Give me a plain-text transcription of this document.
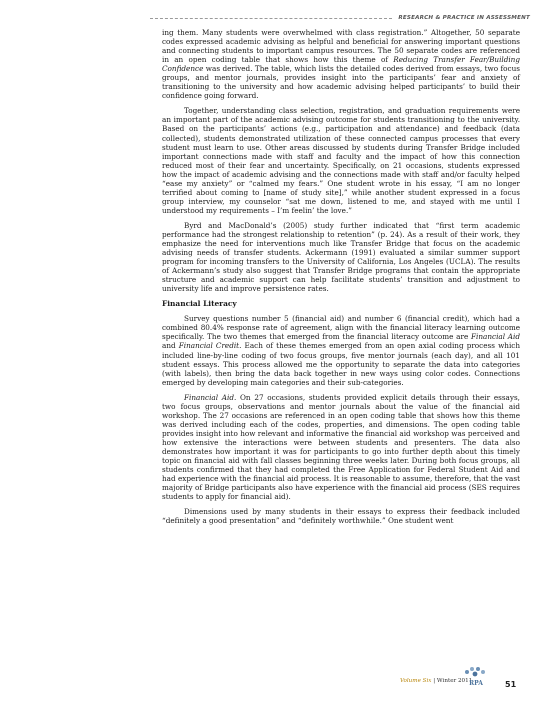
RESEARCH & PRACTICE IN ASSESSMENT

ing them. Many students were overwhelmed with class registration.” Altogether, 50 separate codes expressed academic advising as helpful and beneficial for answering important questions and connecting students to important campus resources. The 50 separate codes are referenced in an open coding table that shows how this theme of Reducing Transfer Fear/Building Confidence was derived. The table, which lists the detailed codes derived from essays, two focus groups, and mentor journals, provides insight into the participants’ fear and anxiety of transitioning to the university and how academic advising helped participants’ to build their confidence going forward.

Together, understanding class selection, registration, and graduation requirements were an important part of the academic advising outcome for students transitioning to the university. Based on the participants’ actions (e.g., participation and attendance) and feedback (data collected), students demonstrated utilization of these connected campus processes that every student must learn to use. Other areas discussed by students during Transfer Bridge included important connections made with staff and faculty and the impact of how this connection reduced most of their fear and uncertainty. Specifically, on 21 occasions, students expressed how the impact of academic advising and the connections made with staff and/or faculty helped “ease my anxiety” or “calmed my fears.” One student wrote in his essay, “I am no longer terrified about coming to [name of study site],” while another student expressed in a focus group interview, my counselor “sat me down, listened to me, and stayed with me until I understood my requirements – I’m feelin’ the love.”

Byrd and MacDonald’s (2005) study further indicated that “first term academic performance had the strongest relationship to retention” (p. 24). As a result of their work, they emphasize the need for interventions much like Transfer Bridge that focus on the academic advising needs of transfer students. Ackermann (1991) evaluated a similar summer support program for incoming transfers to the University of California, Los Angeles (UCLA). The results of Ackermann’s study also suggest that Transfer Bridge programs that contain the appropriate structure and academic support can help facilitate students’ transition and adjustment to university life and improve persistence rates.

Financial Literacy

Survey questions number 5 (financial aid) and number 6 (financial credit), which had a combined 80.4% response rate of agreement, align with the financial literacy learning outcome specifically. The two themes that emerged from the financial literacy outcome are Financial Aid and Financial Credit. Each of these themes emerged from an open axial coding process which included line-by-line coding of two focus groups, five mentor journals (each day), and all 101 student essays. This process allowed me the opportunity to separate the data into categories (with labels), then bring the data back together in new ways using color codes. Connections emerged by developing main categories and their sub-categories.

Financial Aid. On 27 occasions, students provided explicit details through their essays, two focus groups, observations and mentor journals about the value of the financial aid workshop. The 27 occasions are referenced in an open coding table that shows how this theme was derived including each of the codes, properties, and dimensions. The open coding table provides insight into how relevant and informative the financial aid workshop was perceived and how extensive the interactions were between students and presenters. The data also demonstrates how important it was for participants to go into further depth about this timely topic on financial aid with fall classes beginning three weeks later. During both focus groups, all students confirmed that they had completed the Free Application for Federal Student Aid and had experience with the financial aid process. It is reasonable to assume, therefore, that the vast majority of Bridge participants also have experience with the financial aid process (SES requires students to apply for financial aid).

Dimensions used by many students in their essays to express their feedback included “definitely a good presentation” and “definitely worthwhile.” One student went

Volume Six | Winter 2011
RPA	51
